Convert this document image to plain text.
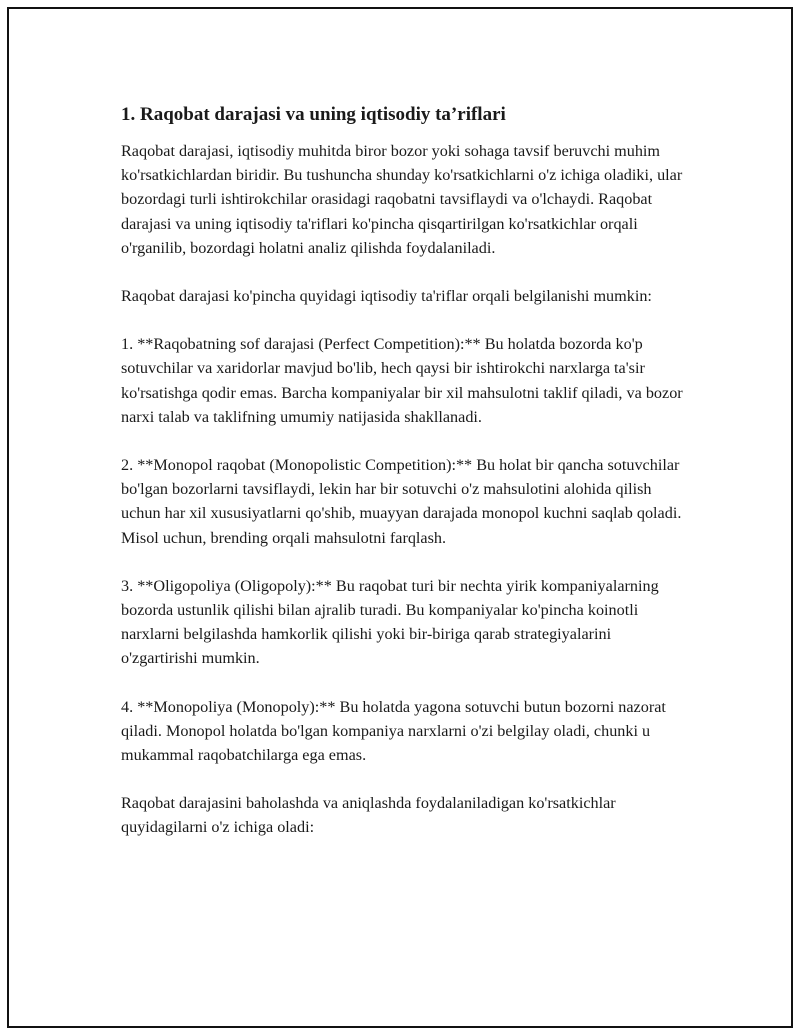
1. Raqobat darajasi va uning iqtisodiy ta’riflari

Raqobat darajasi, iqtisodiy muhitda biror bozor yoki sohaga tavsif beruvchi muhim ko'rsatkichlardan biridir. Bu tushuncha shunday ko'rsatkichlarni o'z ichiga oladiki, ular bozordagi turli ishtirokchilar orasidagi raqobatni tavsiflaydi va o'lchaydi. Raqobat darajasi va uning iqtisodiy ta'riflari ko'pincha qisqartirilgan ko'rsatkichlar orqali o'rganilib, bozordagi holatni analiz qilishda foydalaniladi.

Raqobat darajasi ko'pincha quyidagi iqtisodiy ta'riflar orqali belgilanishi mumkin:

1. **Raqobatning sof darajasi (Perfect Competition):** Bu holatda bozorda ko'p sotuvchilar va xaridorlar mavjud bo'lib, hech qaysi bir ishtirokchi narxlarga ta'sir ko'rsatishga qodir emas. Barcha kompaniyalar bir xil mahsulotni taklif qiladi, va bozor narxi talab va taklifning umumiy natijasida shakllanadi.

2. **Monopol raqobat (Monopolistic Competition):** Bu holat bir qancha sotuvchilar bo'lgan bozorlarni tavsiflaydi, lekin har bir sotuvchi o'z mahsulotini alohida qilish uchun har xil xususiyatlarni qo'shib, muayyan darajada monopol kuchni saqlab qoladi. Misol uchun, brending orqali mahsulotni farqlash.

3. **Oligopoliya (Oligopoly):** Bu raqobat turi bir nechta yirik kompaniyalarning bozorda ustunlik qilishi bilan ajralib turadi. Bu kompaniyalar ko'pincha koinotli narxlarni belgilashda hamkorlik qilishi yoki bir-biriga qarab strategiyalarini o'zgartirishi mumkin.

4. **Monopoliya (Monopoly):** Bu holatda yagona sotuvchi butun bozorni nazorat qiladi. Monopol holatda bo'lgan kompaniya narxlarni o'zi belgilay oladi, chunki u mukammal raqobatchilarga ega emas.

Raqobat darajasini baholashda va aniqlashda foydalaniladigan ko'rsatkichlar quyidagilarni o'z ichiga oladi:
